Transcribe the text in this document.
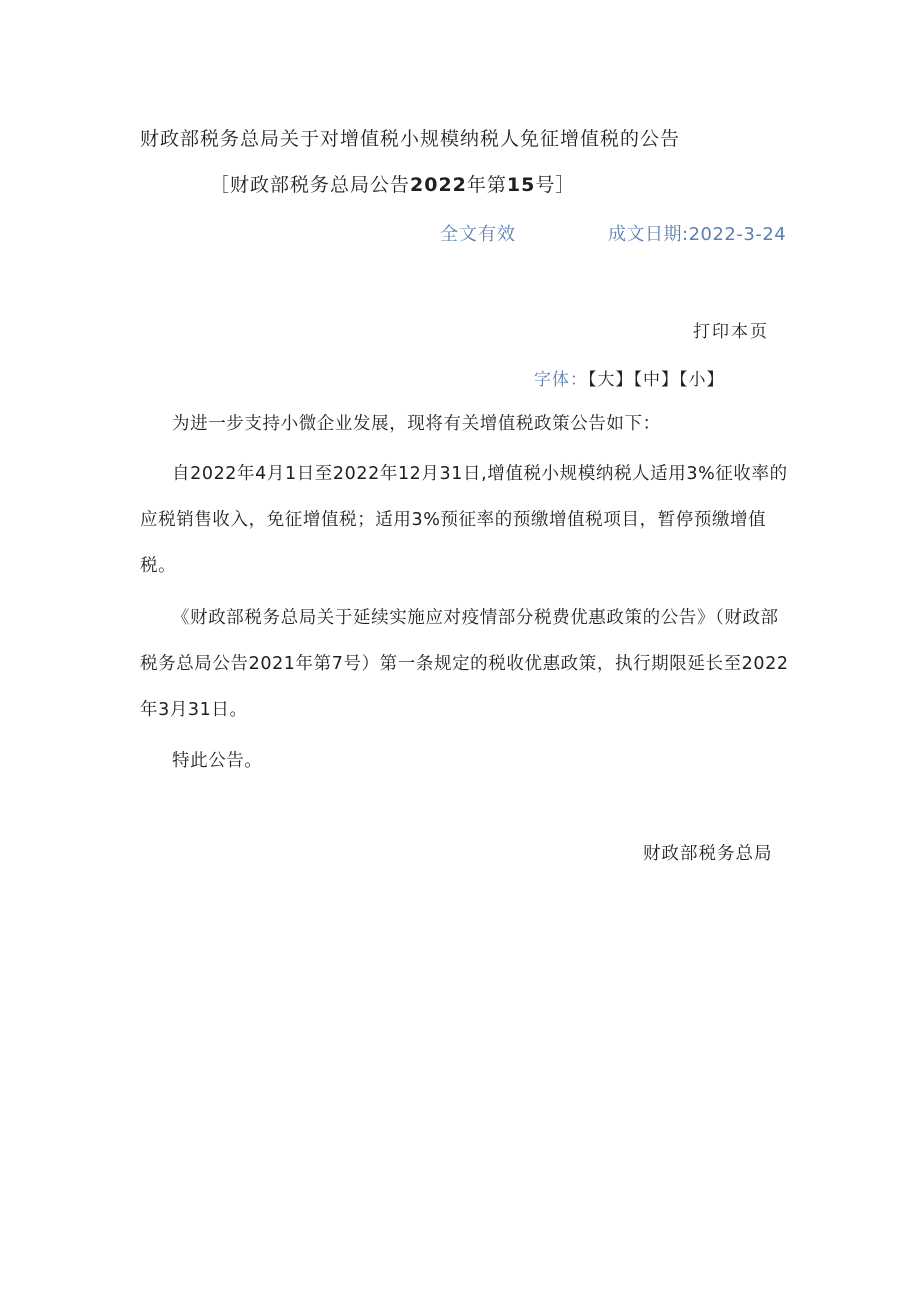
财政部税务总局关于对增值税小规模纳税人免征增值税的公告
［财政部税务总局公告2022年第15号］
全文有效	成文日期:2022-3-24
打印本页
字体：【大】【中】【小】
为进一步支持小微企业发展，现将有关增值税政策公告如下：
自2022年4月1日至2022年12月31日,增值税小规模纳税人适用3%征收率的应税销售收入，免征增值税；适用3%预征率的预缴增值税项目，暂停预缴增值税。
《财政部税务总局关于延续实施应对疫情部分税费优惠政策的公告》（财政部税务总局公告2021年第7号）第一条规定的税收优惠政策，执行期限延长至2022年3月31日。
特此公告。
财政部税务总局
